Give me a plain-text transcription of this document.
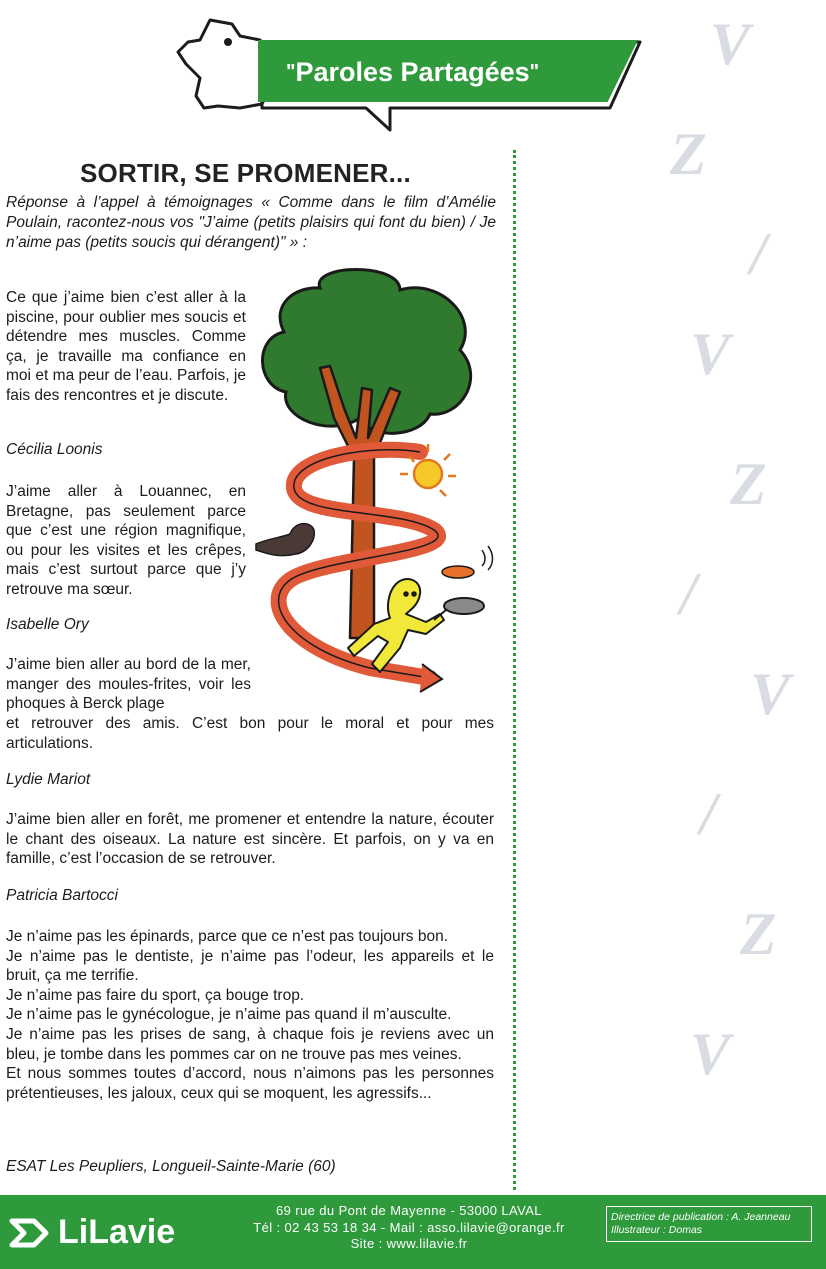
V
Z
/
V
Z
/
V
/
Z
V
"Paroles Partagées"
SORTIR, SE PROMENER...
Réponse à l’appel à témoignages « Comme dans le film d’Amélie Poulain, racontez-nous vos "J’aime (petits plaisirs qui font du bien) / Je n’aime pas (petits soucis qui dérangent)" » :
Ce que j’aime bien c’est aller à la piscine, pour oublier mes soucis et détendre mes muscles. Comme ça, je travaille ma confiance en moi et ma peur de l’eau. Parfois, je fais des rencontres et je discute.
Cécilia Loonis
J’aime aller à Louannec, en Bretagne, pas seulement parce que c’est une région magnifique, ou pour les visites et les crêpes, mais c’est surtout parce que j’y retrouve ma sœur.
Isabelle Ory
J’aime bien aller au bord de la mer, manger des moules-frites, voir les phoques à Berck plage
et retrouver des amis. C’est bon pour le moral et pour mes articulations.
Lydie Mariot
J’aime bien aller en forêt, me promener et entendre la nature, écouter le chant des oiseaux. La nature est sincère. Et parfois, on y va en famille, c’est l’occasion de se retrouver.
Patricia Bartocci
Je n’aime pas les épinards, parce que ce n’est pas toujours bon.
Je n’aime pas le dentiste, je n’aime pas l’odeur, les appareils et le bruit, ça me terrifie.
Je n’aime pas faire du sport, ça bouge trop.
Je n’aime pas le gynécologue, je n’aime pas quand il m’ausculte.
Je n’aime pas les prises de sang, à chaque fois je reviens avec un bleu, je tombe dans les pommes car on ne trouve pas mes veines.
Et nous sommes toutes d’accord, nous n’aimons pas les personnes prétentieuses, les jaloux, ceux qui se moquent, les agressifs...
ESAT Les Peupliers, Longueil-Sainte-Marie (60)
LiLavie
69 rue du Pont de Mayenne - 53000 LAVAL
Tél : 02 43 53 18 34 - Mail : asso.lilavie@orange.fr
Site : www.lilavie.fr
Directrice de publication : A. Jeanneau
Illustrateur : Domas
